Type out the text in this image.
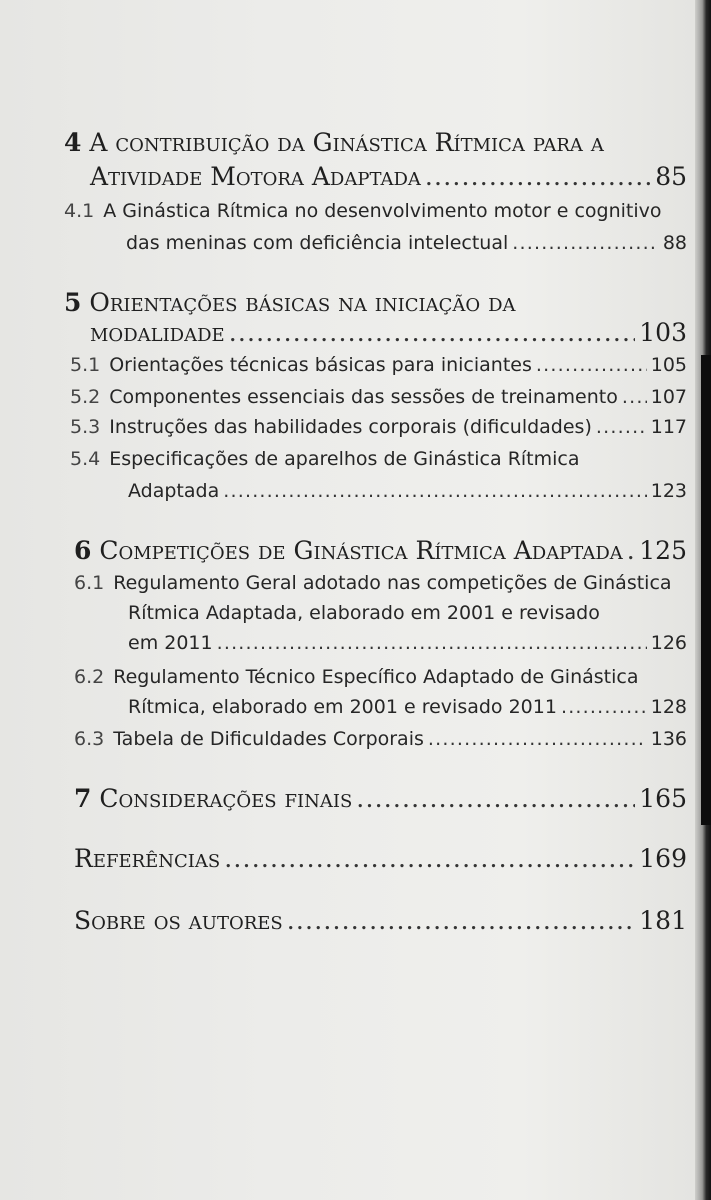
4 A contribuição da Ginástica Rítmica para a
Atividade Motora Adaptada .....	85
4.1 A Ginástica Rítmica no desenvolvimento motor e cognitivo
das meninas com deficiência intelectual .....	88
5 Orientações básicas na iniciação da
modalidade .....	103
5.1 Orientações técnicas básicas para iniciantes .....	105
5.2 Componentes essenciais das sessões de treinamento ..... 107
5.3 Instruções das habilidades corporais (dificuldades) .....	117
5.4 Especificações de aparelhos de Ginástica Rítmica
Adaptada .....	123
6
Competições de Ginástica Rítmica Adaptada ..... 125
6.1 Regulamento Geral adotado nas competições de Ginástica
Rítmica Adaptada, elaborado em 2001 e revisado
em 2011 .....	126
6.2 Regulamento Técnico Específico Adaptado de Ginástica
Rítmica, elaborado em 2001 e revisado 2011 .....	128
6.3 Tabela de Dificuldades Corporais .....	136
7
Considerações finais .....	165
Referências .....	169
Sobre os autores .....	181
